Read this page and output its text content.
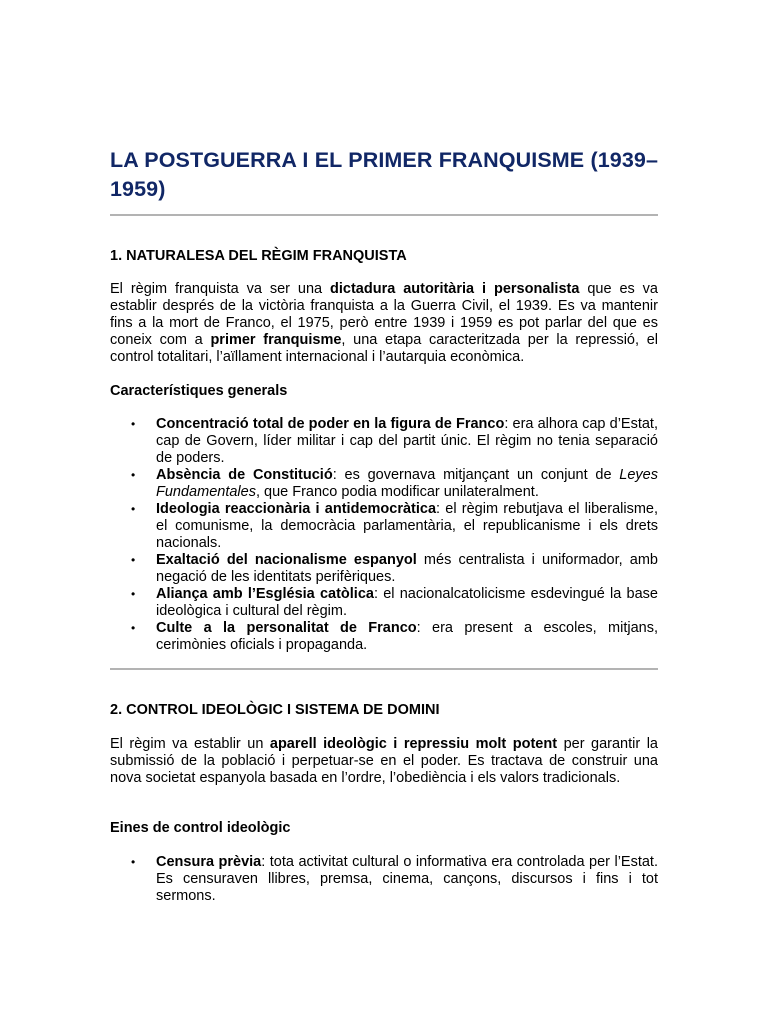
LA POSTGUERRA I EL PRIMER FRANQUISME (1939–1959)
1. NATURALESA DEL RÈGIM FRANQUISTA

El règim franquista va ser una dictadura autoritària i personalista que es va establir després de la victòria franquista a la Guerra Civil, el 1939. Es va mantenir fins a la mort de Franco, el 1975, però entre 1939 i 1959 es pot parlar del que es coneix com a primer franquisme, una etapa caracteritzada per la repressió, el control totalitari, l’aïllament internacional i l’autarquia econòmica.

Característiques generals
• Concentració total de poder en la figura de Franco: era alhora cap d’Estat, cap de Govern, líder militar i cap del partit únic. El règim no tenia separació de poders.
• Absència de Constitució: es governava mitjançant un conjunt de Leyes Fundamentales, que Franco podia modificar unilateralment.
• Ideologia reaccionària i antidemocràtica: el règim rebutjava el liberalisme, el comunisme, la democràcia parlamentària, el republicanisme i els drets nacionals.
• Exaltació del nacionalisme espanyol més centralista i uniformador, amb negació de les identitats perifèriques.
• Aliança amb l’Església catòlica: el nacionalcatolicisme esdevingué la base ideològica i cultural del règim.
• Culte a la personalitat de Franco: era present a escoles, mitjans, cerimònies oficials i propaganda.
2. CONTROL IDEOLÒGIC I SISTEMA DE DOMINI

El règim va establir un aparell ideològic i repressiu molt potent per garantir la submissió de la població i perpetuar-se en el poder. Es tractava de construir una nova societat espanyola basada en l’ordre, l’obediència i els valors tradicionals.

Eines de control ideològic
• Censura prèvia: tota activitat cultural o informativa era controlada per l’Estat. Es censuraven llibres, premsa, cinema, cançons, discursos i fins i tot sermons.
